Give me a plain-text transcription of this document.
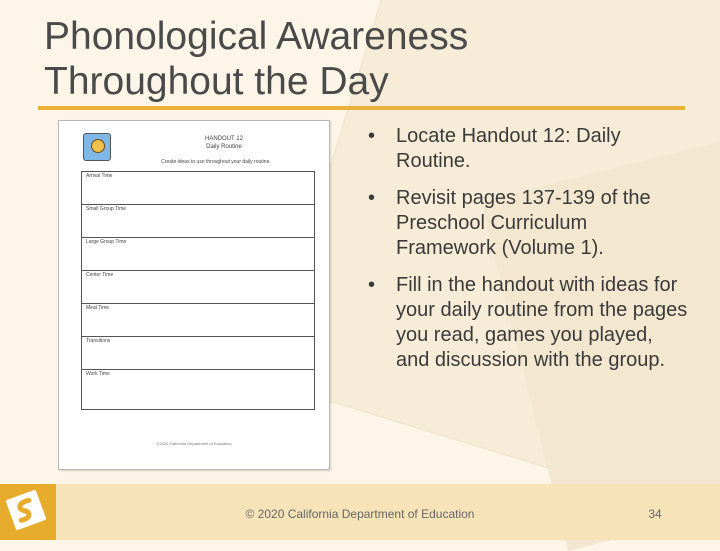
Phonological Awareness
Throughout the Day
HANDOUT 12
Daily Routine
Create ideas to use throughout your daily routine.
Arrival Time
Small Group Time
Large Group Time
Center Time
Meal Time
Transitions
Work Time
©2020 California Department of Education
• Locate Handout 12: Daily Routine.
• Revisit pages 137-139 of the Preschool Curriculum Framework (Volume 1).
• Fill in the handout with ideas for your daily routine from the pages you read, games you played, and discussion with the group.
© 2020 California Department of Education	34
